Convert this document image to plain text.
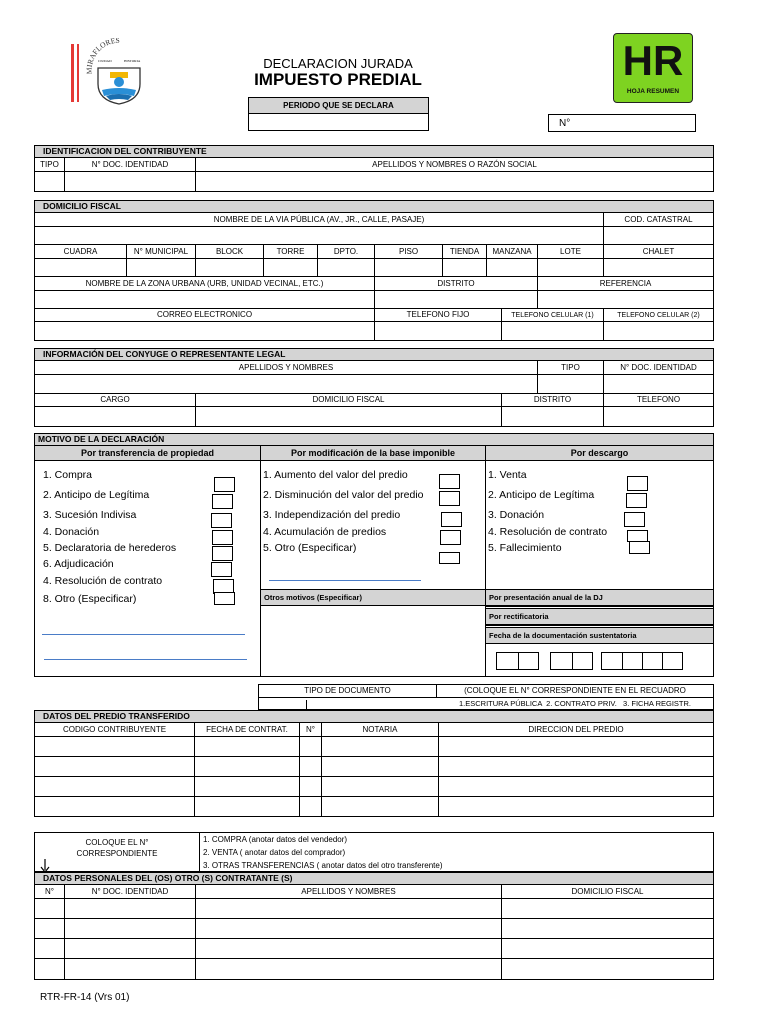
MIRAFLORES
CIUDAD	HISTORIA	DECLARACION JURADA
IMPUESTO PREDIAL
PERIODO QUE SE DECLARA
N°
HR
HOJA RESUMEN
IDENTIFICACION DEL CONTRIBUYENTE
TIPO	N° DOC. IDENTIDAD	APELLIDOS Y NOMBRES O RAZÓN SOCIAL
DOMICILIO FISCAL
NOMBRE DE LA VIA PÚBLICA (AV., JR., CALLE, PASAJE)	COD. CATASTRAL
CUADRA	N° MUNICIPAL	BLOCK	TORRE	DPTO.	PISO	TIENDA	MANZANA	LOTE	CHALET
NOMBRE DE LA ZONA URBANA (URB, UNIDAD VECINAL, ETC.)	DISTRITO	REFERENCIA
CORREO ELECTRONICO	TELEFONO FIJO	TELEFONO CELULAR (1)	TELEFONO CELULAR (2)
INFORMACIÓN DEL CONYUGE O REPRESENTANTE LEGAL
APELLIDOS Y NOMBRES	TIPO	N° DOC. IDENTIDAD
CARGO	DOMICILIO FISCAL	DISTRITO	TELEFONO
MOTIVO DE LA DECLARACIÓN
Por transferencia de propiedad	Por modificación de la base imponible	Por descargo
1. Compra
2. Anticipo de Legítima
3. Sucesión Indivisa
4. Donación
5. Declaratoria de herederos
6. Adjudicación
4. Resolución de contrato
8. Otro (Especificar)
1. Aumento del valor del predio
2. Disminución del valor del predio
3. Independización del predio
4. Acumulación de predios
5. Otro (Especificar)
1. Venta
2. Anticipo de Legítima
3. Donación
4. Resolución de contrato
5. Fallecimiento
Otros motivos (Especificar)	Por presentación anual de la DJ
Por rectificatoria
Fecha de la documentación sustentatoria
TIPO DE DOCUMENTO	(COLOQUE EL N° CORRESPONDIENTE EN EL RECUADRO
1.ESCRITURA PÚBLICA  2. CONTRATO PRIV.   3. FICHA REGISTR.
DATOS DEL PREDIO TRANSFERIDO
CODIGO CONTRIBUYENTE	FECHA DE CONTRAT.	N°	NOTARIA	DIRECCION DEL PREDIO
COLOQUE EL N°
CORRESPONDIENTE
1. COMPRA (anotar datos del vendedor)
2. VENTA ( anotar datos del comprador)
3. OTRAS TRANSFERENCIAS ( anotar datos del otro transferente)
DATOS PERSONALES DEL (OS) OTRO (S) CONTRATANTE (S)
N°	N° DOC. IDENTIDAD	APELLIDOS Y NOMBRES	DOMICILIO FISCAL
RTR-FR-14 (Vrs 01)
